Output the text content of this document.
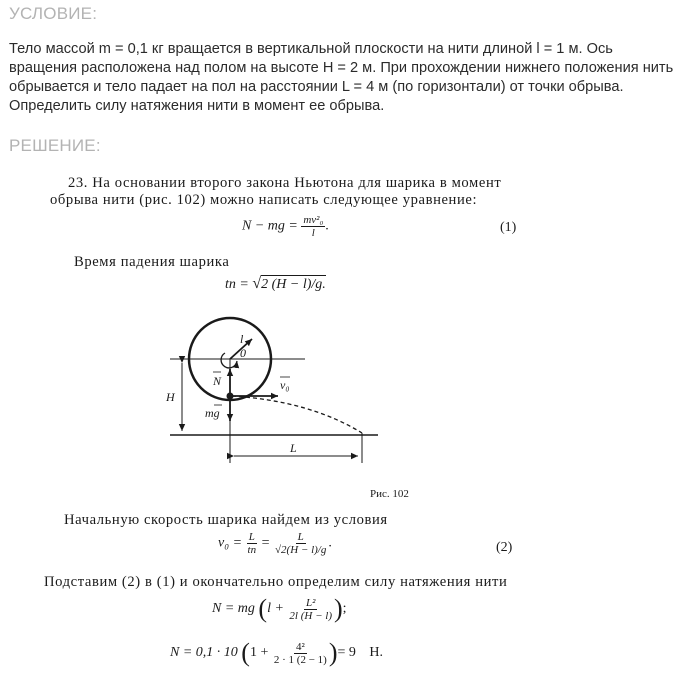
УСЛОВИЕ:

Тело массой m = 0,1 кг вращается в вертикальной плоскости на нити длиной l = 1 м. Ось вращения расположена над полом на высоте H = 2 м. При прохождении нижнего положения нить обрывается и тело падает на пол на расстоянии L = 4 м (по горизонтали) от точки обрыва. Определить силу натяжения нити в момент ее обрыва.

РЕШЕНИЕ:
23. На основании второго закона Ньютона для шарика в момент
обрыва нити (рис. 102) можно написать следующее уравнение:
N − mg = $\frac{\text{mv²₀}}{l}$ .	(1)
Время падения шарика
tп = √2 (H − l)/g.
l
0
N	v₀
mg
H
L
Рис. 102
Начальную скорость шарика найдем из условия
v₀ = L
tп = $\frac{L}{√2(H - l)/g}$ .	(2)
Подставим (2) в (1) и окончательно определим силу натяжения нити
N = mg ($l + \frac{\text{L²}}{2l (H - l)}$ );
N = 0,1 · 10 ($1 + \frac{\text{4²}}{2 \cdot 1 (2 - 1)}$ )= 9 Н.
